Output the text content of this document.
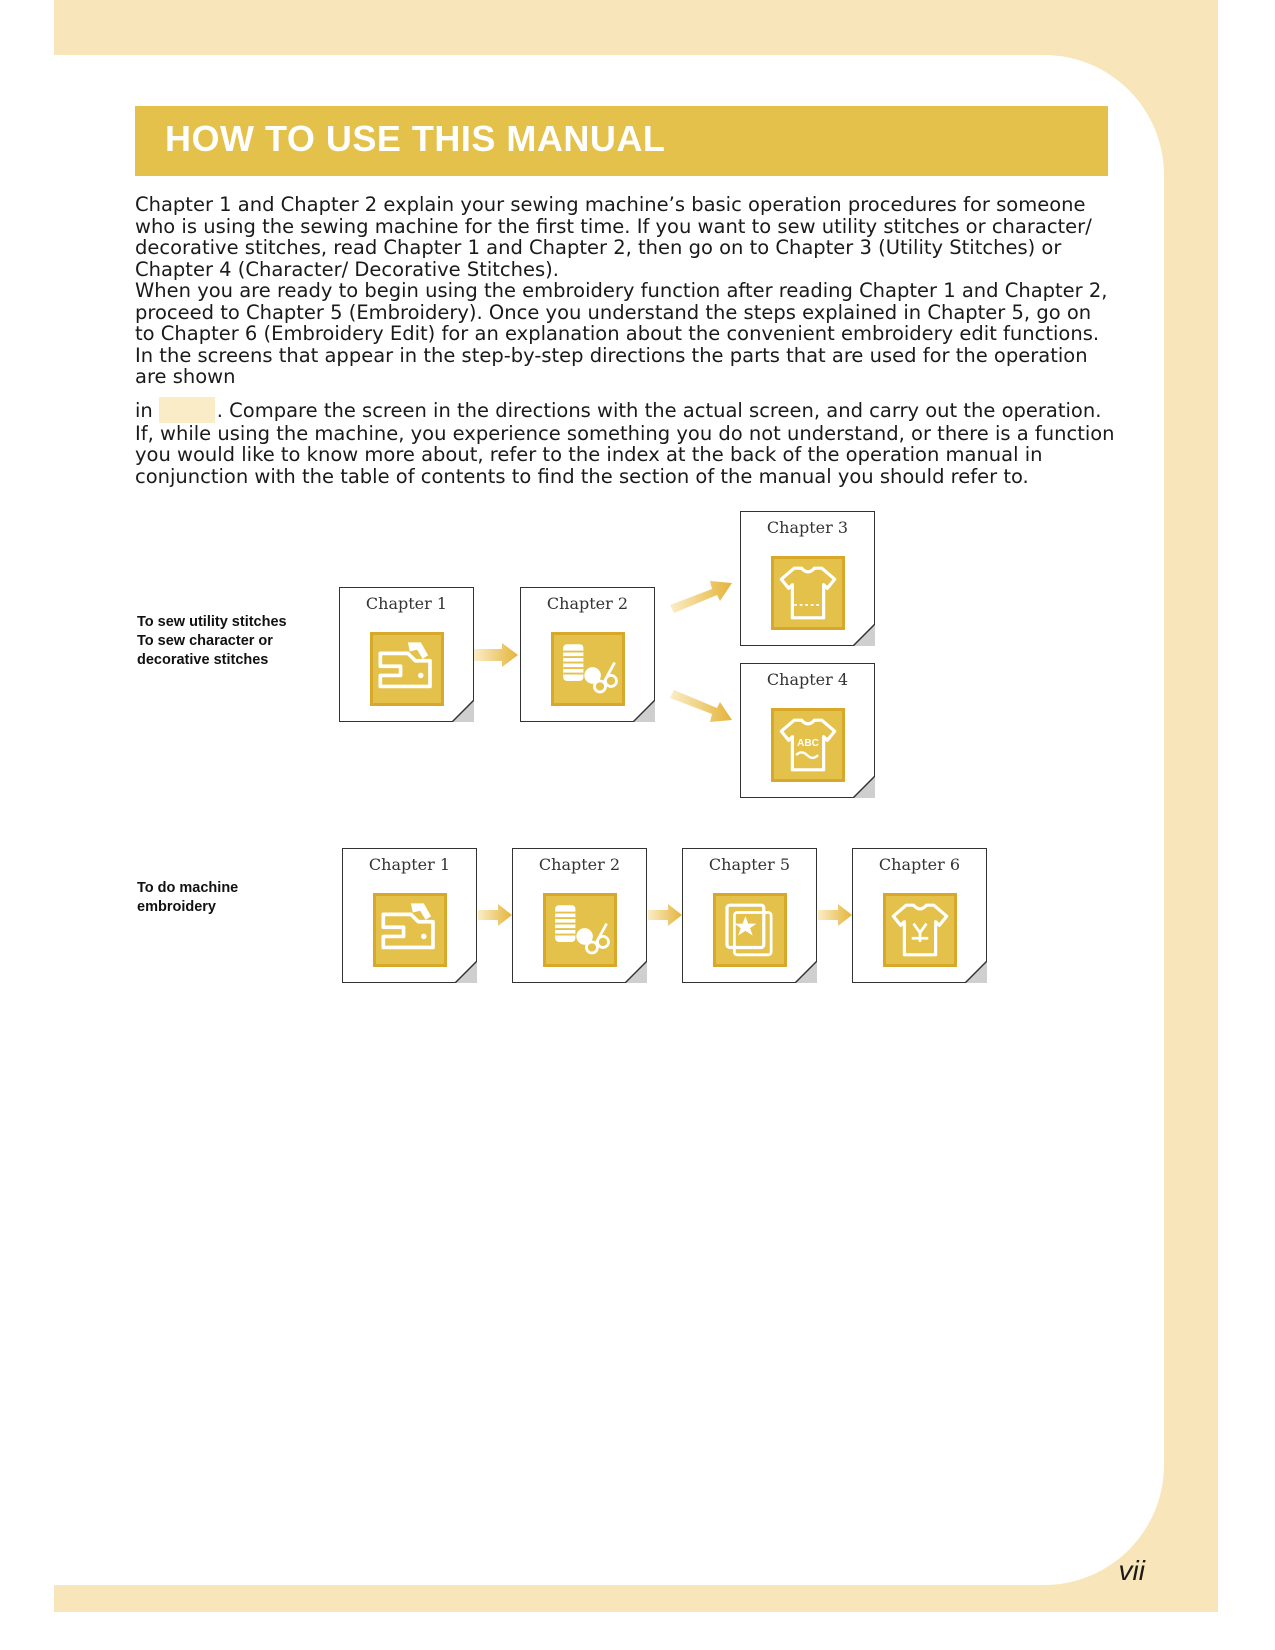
HOW TO USE THIS MANUAL

Chapter 1 and Chapter 2 explain your sewing machine’s basic operation procedures for someone who is using the sewing machine for the first time. If you want to sew utility stitches or character/ decorative stitches, read Chapter 1 and Chapter 2, then go on to Chapter 3 (Utility Stitches) or Chapter 4 (Character/ Decorative Stitches).

When you are ready to begin using the embroidery function after reading Chapter 1 and Chapter 2, proceed to Chapter 5 (Embroidery). Once you understand the steps explained in Chapter 5, go on to Chapter 6 (Embroidery Edit) for an explanation about the convenient embroidery edit functions.

In the screens that appear in the step-by-step directions the parts that are used for the operation are shown

in	. Compare the screen in the directions with the actual screen, and carry out the operation.

If, while using the machine, you experience something you do not understand, or there is a function you would like to know more about, refer to the index at the back of the operation manual in conjunction with the table of contents to find the section of the manual you should refer to.

To sew utility stitches
To sew character or
decorative stitches
Chapter 1	Chapter 2
Chapter 3
Chapter 4
ABC
To do machine
embroidery
Chapter 1	Chapter 2	Chapter 5	Chapter 6
vii
